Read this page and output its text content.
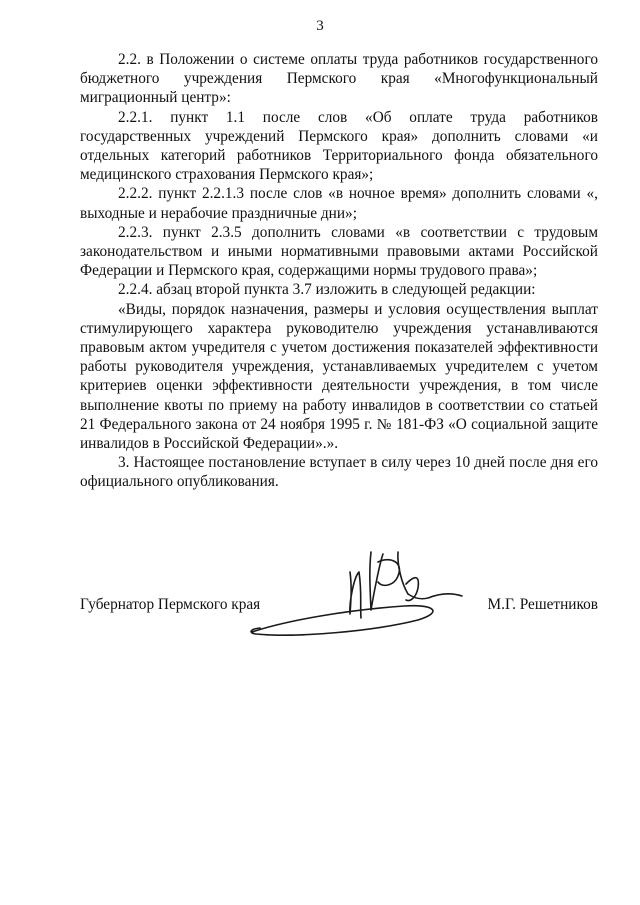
3

2.2. в Положении о системе оплаты труда работников государственного бюджетного учреждения Пермского края «Многофункциональный миграционный центр»:

2.2.1. пункт 1.1 после слов «Об оплате труда работников государственных учреждений Пермского края» дополнить словами «и отдельных категорий работников Территориального фонда обязательного медицинского страхования Пермского края»;

2.2.2. пункт 2.2.1.3 после слов «в ночное время» дополнить словами «, выходные и нерабочие праздничные дни»;

2.2.3. пункт 2.3.5 дополнить словами «в соответствии с трудовым законодательством и иными нормативными правовыми актами Российской Федерации и Пермского края, содержащими нормы трудового права»;

2.2.4. абзац второй пункта 3.7 изложить в следующей редакции:

«Виды, порядок назначения, размеры и условия осуществления выплат стимулирующего характера руководителю учреждения устанавливаются правовым актом учредителя с учетом достижения показателей эффективности работы руководителя учреждения, устанавливаемых учредителем с учетом критериев оценки эффективности деятельности учреждения, в том числе выполнение квоты по приему на работу инвалидов в соответствии со статьей 21 Федерального закона от 24 ноября 1995 г. № 181-ФЗ «О социальной защите инвалидов в Российской Федерации».».

3. Настоящее постановление вступает в силу через 10 дней после дня его официального опубликования.

Губернатор Пермского края	М.Г. Решетников
